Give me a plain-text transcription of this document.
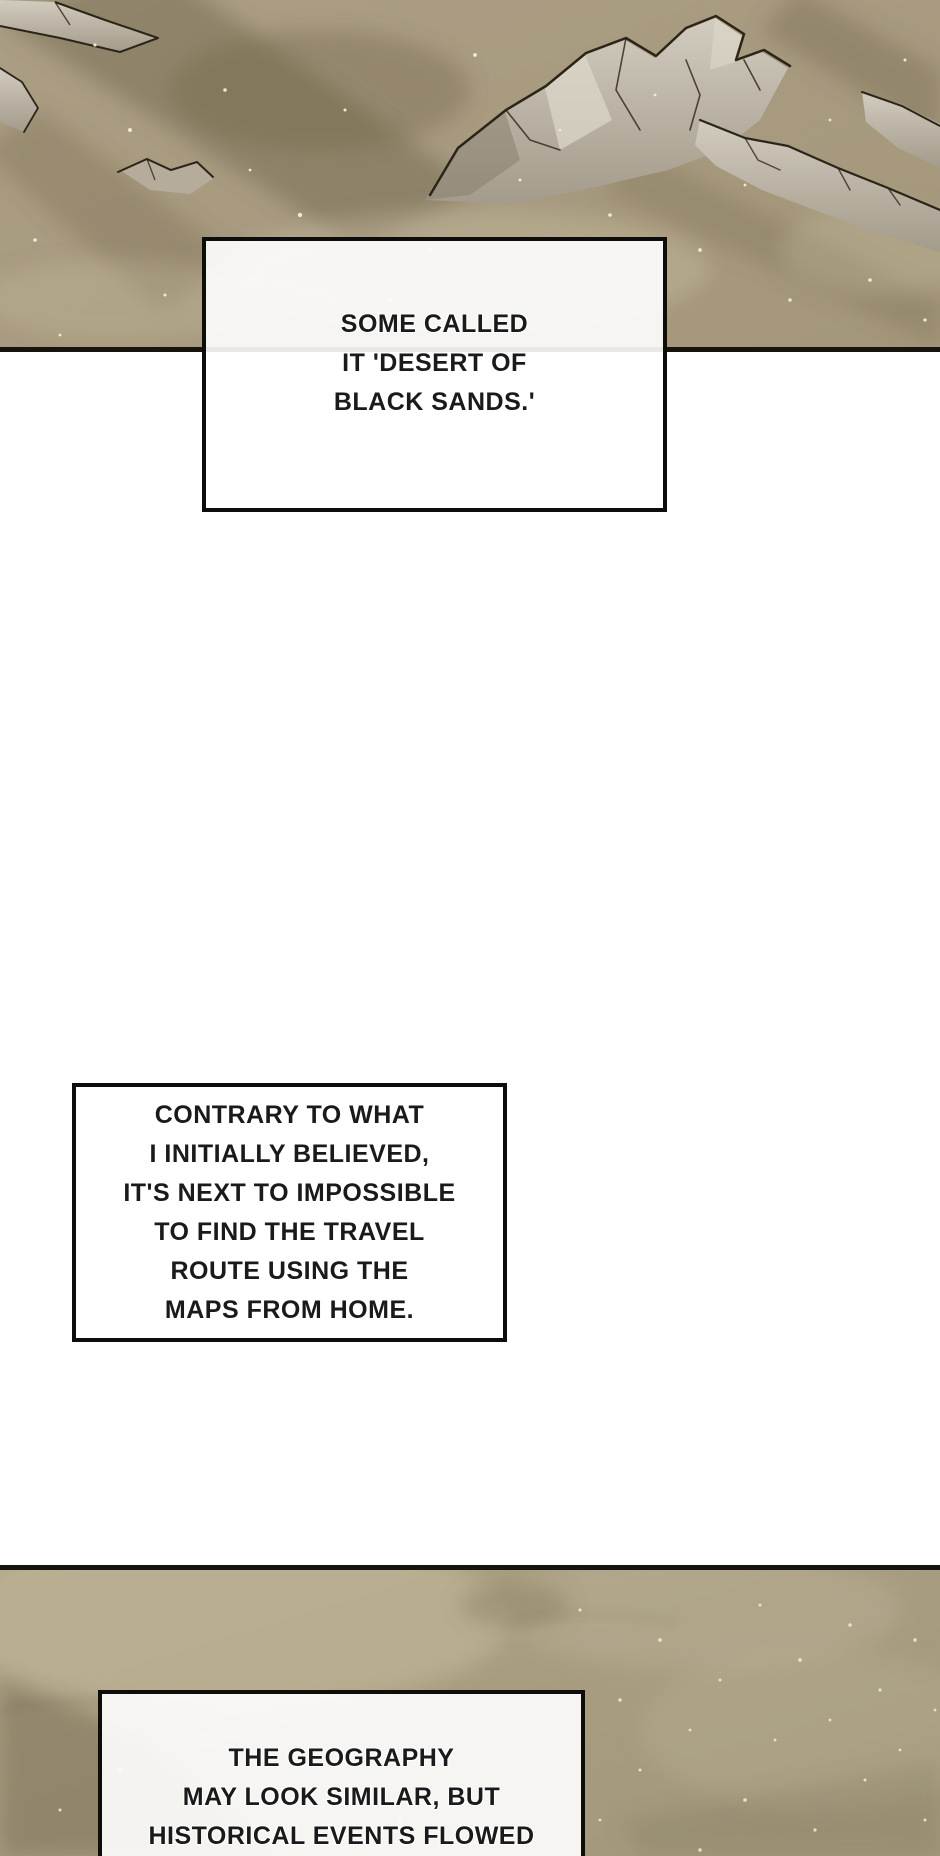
SOME CALLED
IT 'DESERT OF
BLACK SANDS.'
CONTRARY TO WHAT
I INITIALLY BELIEVED,
IT'S NEXT TO IMPOSSIBLE
TO FIND THE TRAVEL
ROUTE USING THE
MAPS FROM HOME.
THE GEOGRAPHY
MAY LOOK SIMILAR, BUT
HISTORICAL EVENTS FLOWED
